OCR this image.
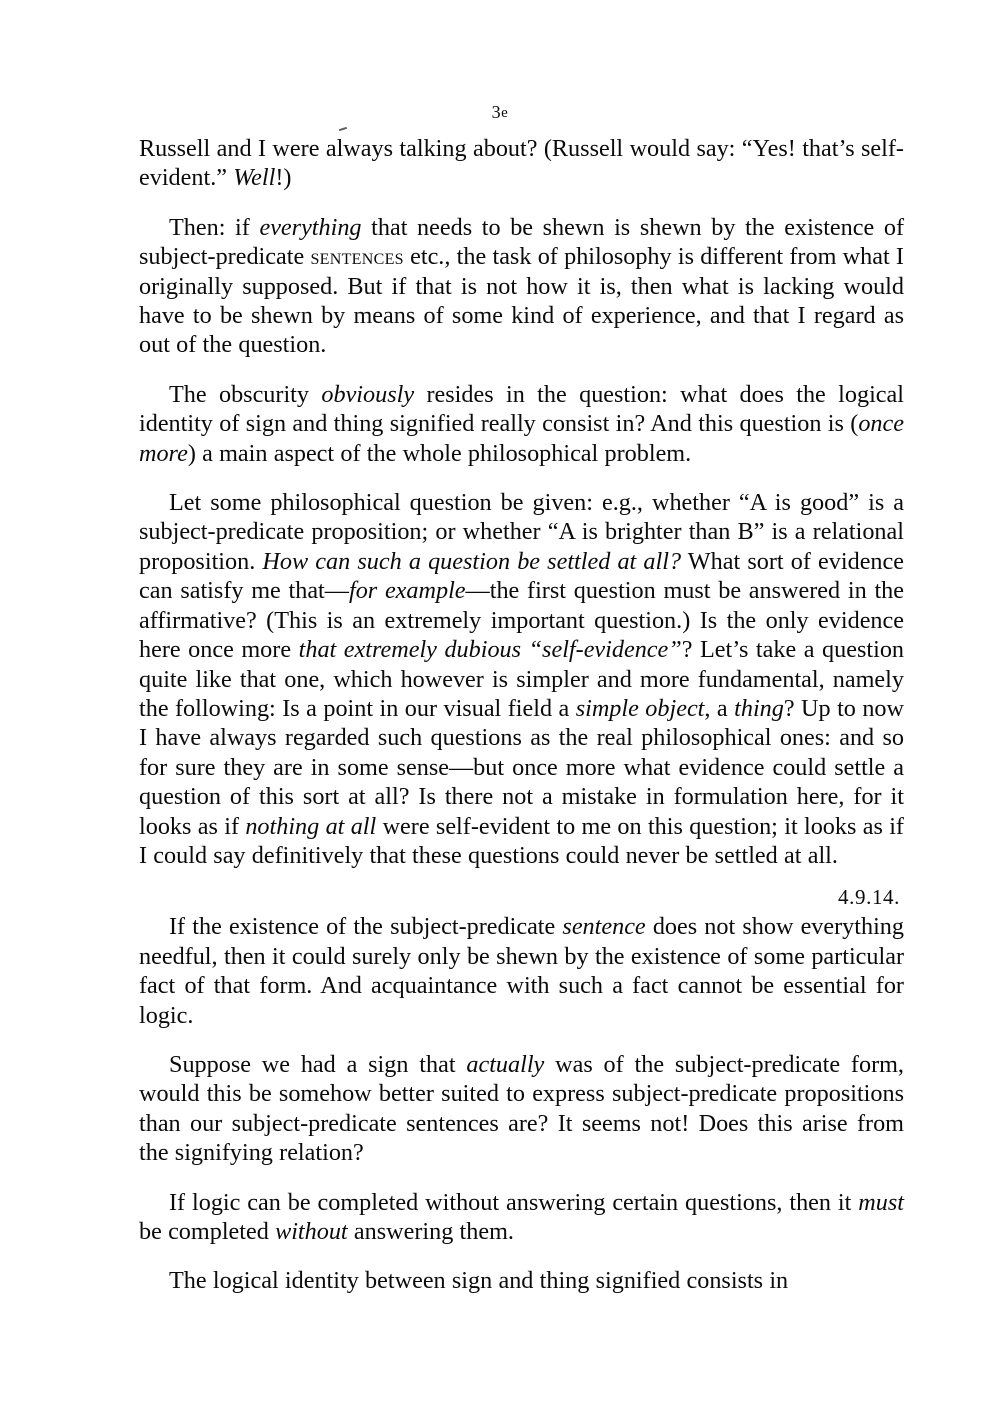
3e

Russell and I were always talking about? (Russell would say: “Yes! that’s self-evident.” Well!)

Then: if everything that needs to be shewn is shewn by the existence of subject-predicate sentences etc., the task of philosophy is different from what I originally supposed. But if that is not how it is, then what is lacking would have to be shewn by means of some kind of experience, and that I regard as out of the question.

The obscurity obviously resides in the question: what does the logical identity of sign and thing signified really consist in? And this question is (once more) a main aspect of the whole philosophical problem.

Let some philosophical question be given: e.g., whether “A is good” is a subject-predicate proposition; or whether “A is brighter than B” is a relational proposition. How can such a question be settled at all? What sort of evidence can satisfy me that—for example—the first question must be answered in the affirmative? (This is an extremely important question.) Is the only evidence here once more that extremely dubious “self-evidence”? Let’s take a question quite like that one, which however is simpler and more fundamental, namely the following: Is a point in our visual field a simple object, a thing? Up to now I have always regarded such questions as the real philosophical ones: and so for sure they are in some sense—but once more what evidence could settle a question of this sort at all? Is there not a mistake in formulation here, for it looks as if nothing at all were self-evident to me on this question; it looks as if I could say definitively that these questions could never be settled at all.

4.9.14.

If the existence of the subject-predicate sentence does not show everything needful, then it could surely only be shewn by the existence of some particular fact of that form. And acquaintance with such a fact cannot be essential for logic.

Suppose we had a sign that actually was of the subject-predicate form, would this be somehow better suited to express subject-predicate propositions than our subject-predicate sentences are? It seems not! Does this arise from the signifying relation?

If logic can be completed without answering certain questions, then it must be completed without answering them.

The logical identity between sign and thing signified consists in
